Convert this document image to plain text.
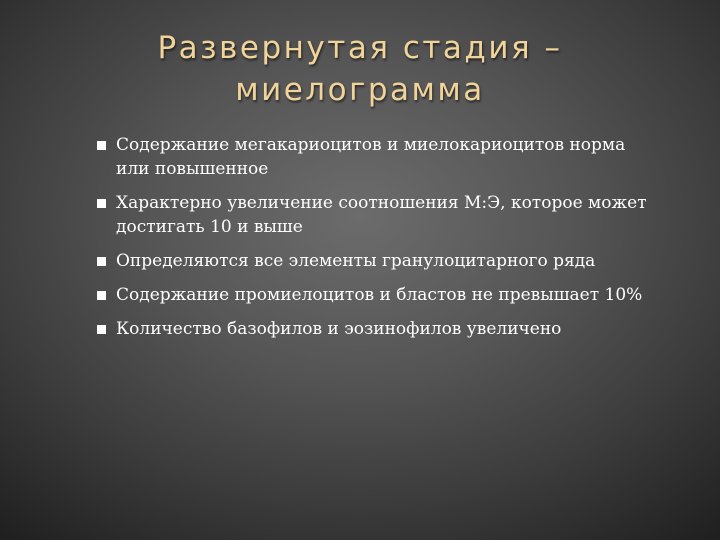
Развернутая стадия –
миелограмма
Содержание мегакариоцитов и миелокариоцитов норма или повышенное
Характерно увеличение соотношения М:Э, которое может достигать 10 и выше
Определяются все элементы гранулоцитарного ряда
Содержание промиелоцитов и бластов не превышает 10%
Количество базофилов и эозинофилов увеличено
